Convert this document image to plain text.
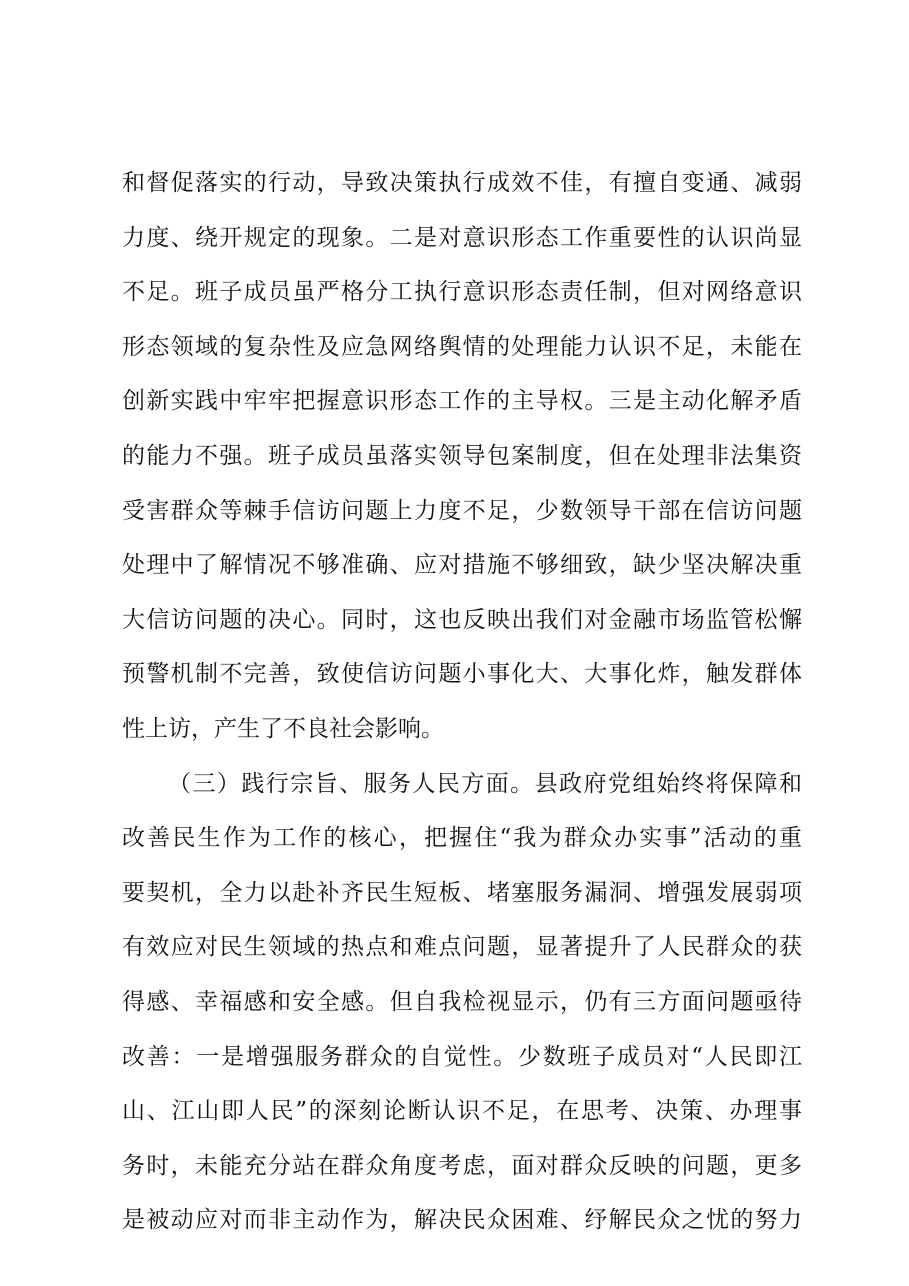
和督促落实的行动，导致决策执行成效不佳，有擅自变通、减弱
力度、绕开规定的现象。二是对意识形态工作重要性的认识尚显
不足。班子成员虽严格分工执行意识形态责任制，但对网络意识
形态领域的复杂性及应急网络舆情的处理能力认识不足，未能在
创新实践中牢牢把握意识形态工作的主导权。三是主动化解矛盾
的能力不强。班子成员虽落实领导包案制度，但在处理非法集资
受害群众等棘手信访问题上力度不足，少数领导干部在信访问题
处理中了解情况不够准确、应对措施不够细致，缺少坚决解决重
大信访问题的决心。同时，这也反映出我们对金融市场监管松懈
预警机制不完善，致使信访问题小事化大、大事化炸，触发群体
性上访，产生了不良社会影响。
（三）践行宗旨、服务人民方面。县政府党组始终将保障和
改善民生作为工作的核心，把握住“我为群众办实事”活动的重
要契机，全力以赴补齐民生短板、堵塞服务漏洞、增强发展弱项
有效应对民生领域的热点和难点问题，显著提升了人民群众的获
得感、幸福感和安全感。但自我检视显示，仍有三方面问题亟待
改善：一是增强服务群众的自觉性。少数班子成员对“人民即江
山、江山即人民”的深刻论断认识不足，在思考、决策、办理事
务时，未能充分站在群众角度考虑，面对群众反映的问题，更多
是被动应对而非主动作为，解决民众困难、纾解民众之忧的努力
